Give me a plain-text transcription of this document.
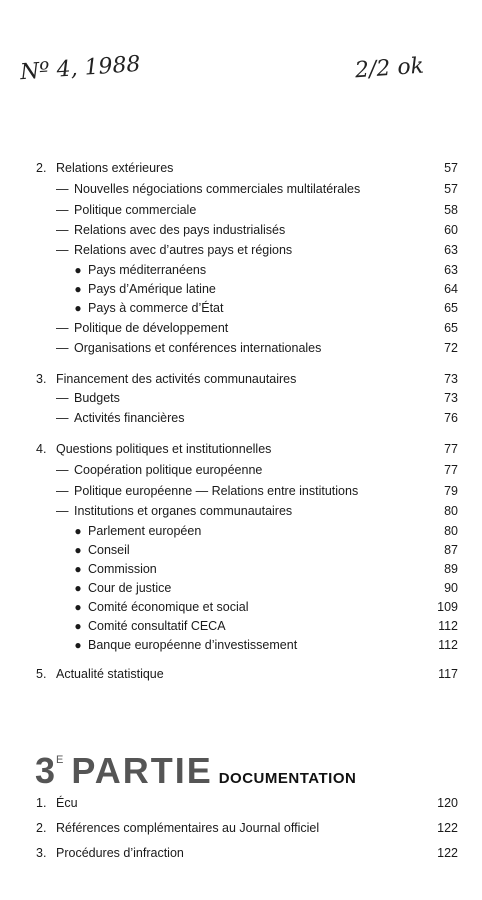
Nº 4, 1988	2/2 ok
2. Relations extérieures	57
— Nouvelles négociations commerciales multilatérales	57
— Politique commerciale	58
— Relations avec des pays industrialisés	60
— Relations avec d’autres pays et régions	63
● Pays méditerranéens	63
● Pays d’Amérique latine	64
● Pays à commerce d’État	65
— Politique de développement	65
— Organisations et conférences internationales	72
3. Financement des activités communautaires	73
— Budgets	73
— Activités financières	76
4. Questions politiques et institutionnelles	77
— Coopération politique européenne	77
— Politique européenne — Relations entre institutions	79
— Institutions et organes communautaires	80
● Parlement européen	80
● Conseil	87
● Commission	89
● Cour de justice	90
● Comité économique et social	109
● Comité consultatif CECA	112
● Banque européenne d’investissement	112
5. Actualité statistique	117
3E PARTIE DOCUMENTATION
1. Écu	120
2. Références complémentaires au Journal officiel	122
3. Procédures d’infraction	122
